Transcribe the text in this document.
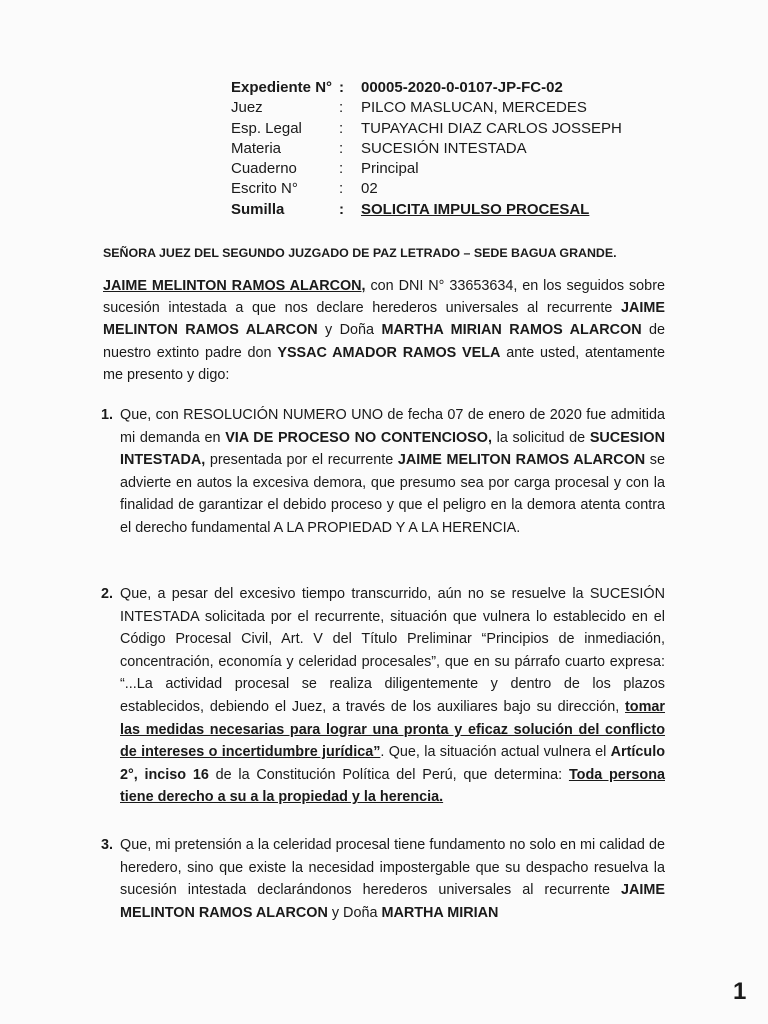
Expediente N°	:	00005-2020-0-0107-JP-FC-02
Juez	:	PILCO MASLUCAN, MERCEDES
Esp. Legal	:	TUPAYACHI DIAZ CARLOS JOSSEPH
Materia	:	SUCESIÓN INTESTADA
Cuaderno	:	Principal
Escrito N°	:	02
Sumilla	:	SOLICITA IMPULSO PROCESAL
SEÑORA JUEZ DEL SEGUNDO JUZGADO DE PAZ LETRADO – SEDE BAGUA GRANDE.

JAIME MELINTON RAMOS ALARCON, con DNI N° 33653634, en los seguidos sobre sucesión intestada a que nos declare herederos universales al recurrente JAIME MELINTON RAMOS ALARCON y Doña MARTHA MIRIAN RAMOS ALARCON de nuestro extinto padre don YSSAC AMADOR RAMOS VELA ante usted, atentamente me presento y digo:

1. Que, con RESOLUCIÓN NUMERO UNO de fecha 07 de enero de 2020 fue admitida mi demanda en VIA DE PROCESO NO CONTENCIOSO, la solicitud de SUCESION INTESTADA, presentada por el recurrente JAIME MELITON RAMOS ALARCON se advierte en autos la excesiva demora, que presumo sea por carga procesal y con la finalidad de garantizar el debido proceso y que el peligro en la demora atenta contra el derecho fundamental A LA PROPIEDAD Y A LA HERENCIA.

2. Que, a pesar del excesivo tiempo transcurrido, aún no se resuelve la SUCESIÓN INTESTADA solicitada por el recurrente, situación que vulnera lo establecido en el Código Procesal Civil, Art. V del Título Preliminar “Principios de inmediación, concentración, economía y celeridad procesales”, que en su párrafo cuarto expresa: “...La actividad procesal se realiza diligentemente y dentro de los plazos establecidos, debiendo el Juez, a través de los auxiliares bajo su dirección, tomar las medidas necesarias para lograr una pronta y eficaz solución del conflicto de intereses o incertidumbre jurídica”. Que, la situación actual vulnera el Artículo 2°, inciso 16 de la Constitución Política del Perú, que determina: Toda persona tiene derecho a su a la propiedad y la herencia.

3. Que, mi pretensión a la celeridad procesal tiene fundamento no solo en mi calidad de heredero, sino que existe la necesidad impostergable que su despacho resuelva la sucesión intestada declarándonos herederos universales al recurrente JAIME MELINTON RAMOS ALARCON y Doña MARTHA MIRIAN

1
